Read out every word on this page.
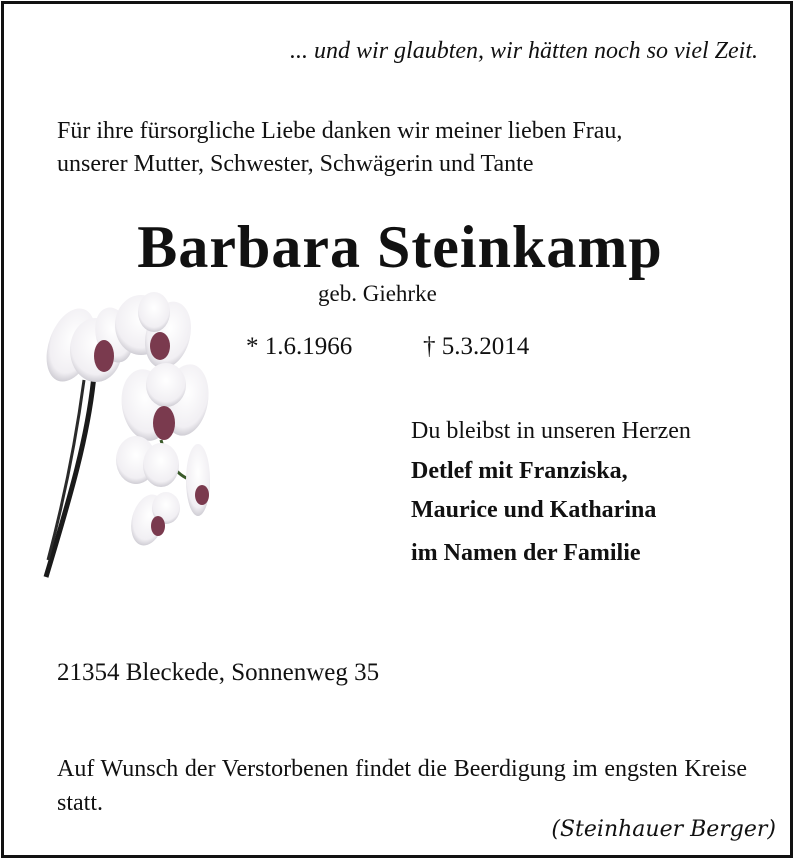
... und wir glaubten, wir hätten noch so viel Zeit.
Für ihre fürsorgliche Liebe danken wir meiner lieben Frau,
unserer Mutter, Schwester, Schwägerin und Tante
Barbara Steinkamp
geb. Giehrke
* 1.6.1966	† 5.3.2014
Du bleibst in unseren Herzen
Detlef mit Franziska,
Maurice und Katharina
im Namen der Familie
21354 Bleckede, Sonnenweg 35
Auf Wunsch der Verstorbenen findet die Beerdigung im engsten Kreise statt.
(Steinhauer Berger)
